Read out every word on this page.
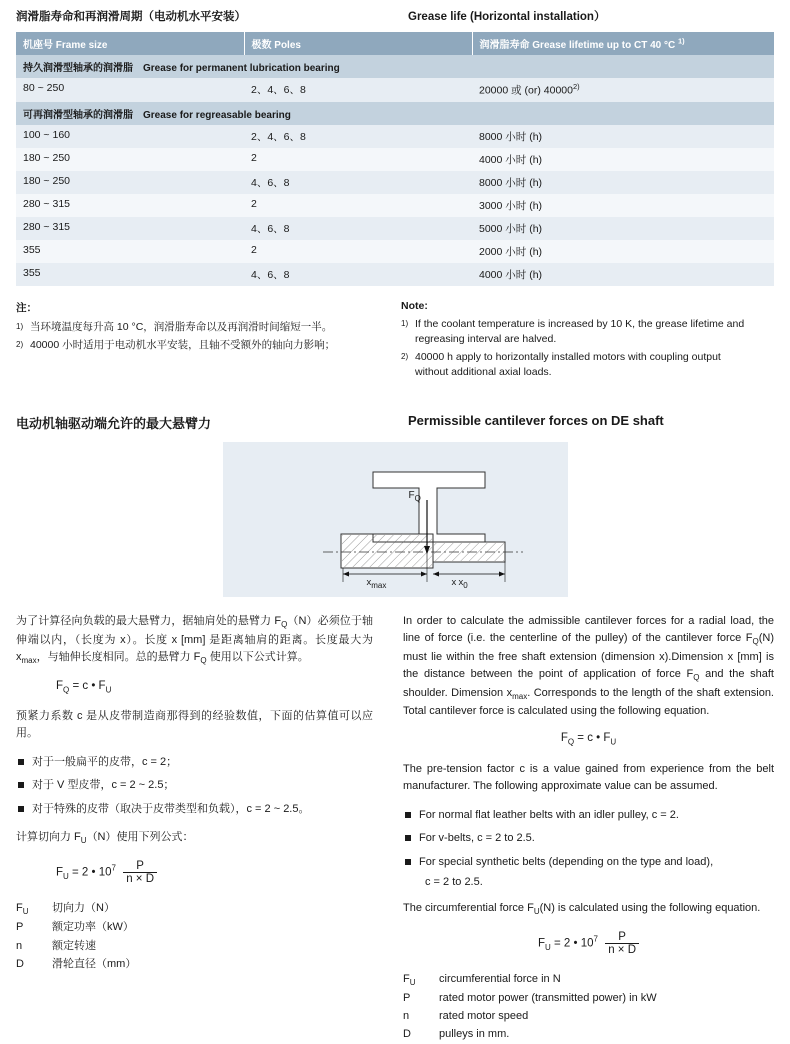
润滑脂寿命和再润滑周期（电动机水平安装）	Grease life (Horizontal installation）
机座号 Frame size	极数 Poles	润滑脂寿命 Grease lifetime up to CT 40 °C $^{1)}$
持久润滑型轴承的润滑脂　Grease for permanent lubrication bearing		
80 ~ 250	2、4、6、8	20000 或 (or) 40000$^{2)}$
可再润滑型轴承的润滑脂　Grease for regreasable bearing		
100 ~ 160	2、4、6、8	8000 小时 (h)
180 ~ 250	2	4000 小时 (h)
180 ~ 250	4、6、8	8000 小时 (h)
280 ~ 315	2	3000 小时 (h)
280 ~ 315	4、6、8	5000 小时 (h)
355	2	2000 小时 (h)
355	4、6、8	4000 小时 (h)
注：
1) 当环境温度每升高 10 °C，润滑脂寿命以及再润滑时间缩短一半。
2) 40000 小时适用于电动机水平安装，且轴不受额外的轴向力影响；
Note:
1) If the coolant temperature is increased by 10 K, the grease lifetime and regreasing interval are halved.
2) 40000 h apply to horizontally installed motors with coupling output without additional axial loads.
电动机轴驱动端允许的最大悬臂力	Permissible cantilever forces on DE shaft
$F_Q$
$x_{max}$	x $x_0$

为了计算径向负载的最大悬臂力，据轴肩处的悬臂力 $F_Q(N)$必须位于轴伸端以内，（长度为 x）。长度 x [mm] 是距离轴肩的距离。长度最大为 $x_{max}$，与轴伸长度相同。总的悬臂力 $F_Q$ 使用以下公式计算。

$F_Q = c$ • $F_U$

预紧力系数 c 是从皮带制造商那得到的经验数值，下面的估算值可以应用。

对于一般扁平的皮带，c = 2；
对于 V 型皮带，c = 2 ~ 2.5；
对于特殊的皮带（取决于皮带类型和负载），c = 2 ~ 2.5。

计算切向力 $F_U(N)$使用下列公式：

$F_U = 2$ • $10^7 \frac{P}{n \times D}$
$F_U$	切向力（N）
P	额定功率（kW）
n	额定转速
D	滑轮直径（mm）

In order to calculate the admissible cantilever forces for a radial load, the line of force (i.e. the centerline of the pulley) of the cantilever force $F_Q(N)$ must lie within the free shaft extension (dimension x).Dimension x [mm] is the distance between the point of application of force $F_Q$ and the shaft shoulder. Dimension $x_{max}$. Corresponds to the length of the shaft extension. Total cantilever force is calculated using the following equation.

$F_Q = c$ • $F_U$

The pre-tension factor c is a value gained from experience from the belt manufacturer. The following approximate value can be assumed.

For normal flat leather belts with an idler pulley, c = 2.
For v-belts, c = 2 to 2.5.
For special synthetic belts (depending on the type and load),
c = 2 to 2.5.

The circumferential force $F_U(N)$ is calculated using the following equation.

$F_U = 2$ • $10^7 \frac{P}{n \times D}$
$F_U$	circumferential force in N
P	rated motor power (transmitted power) in kW
n	rated motor speed
D	pulleys in mm.
